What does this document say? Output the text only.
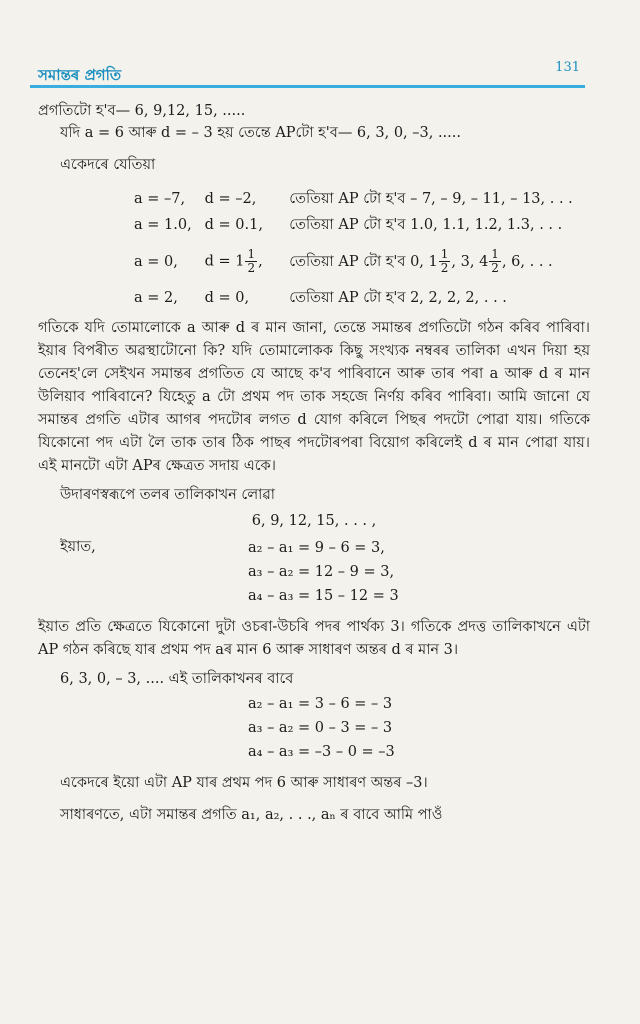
সমান্তৰ প্ৰগতি	131
প্ৰগতিটো হ'ব— 6, 9,12, 15, .....
যদি a = 6 আৰু d = – 3 হয় তেন্তে APটো হ'ব— 6, 3, 0, –3, .....
একেদৰে যেতিয়া
a = –7, d = –2, তেতিয়া AP টো হ'ব – 7, – 9, – 11, – 13, . . .
a = 1.0, d = 0.1, তেতিয়া AP টো হ'ব 1.0, 1.1, 1.2, 1.3, . . .
a = 0, $d = 1 \frac{1}{2}$ , তেতিয়া AP টো হ'ব 0, $1 \frac{1}{2}$ , 3, $4 \frac{1}{2}$ , 6, . . .
a = 2, d = 0,	তেতিয়া AP টো হ'ব 2, 2, 2, 2, . . .
গতিকে যদি তোমালোকে a আৰু d ৰ মান জানা, তেন্তে সমান্তৰ প্ৰগতিটো গঠন কৰিব পাৰিবা। ইয়াৰ বিপৰীত অৱস্থাটোনো কি? যদি তোমালোকক কিছু সংখ্যক নম্বৰৰ তালিকা এখন দিয়া হয় তেনেহ'লে সেইখন সমান্তৰ প্ৰগতিত যে আছে ক'ব পাৰিবানে আৰু তাৰ পৰা a আৰু d ৰ মান উলিয়াব পাৰিবানে? যিহেতু a টো প্ৰথম পদ তাক সহজে নিৰ্ণয় কৰিব পাৰিবা। আমি জানো যে সমান্তৰ প্ৰগতি এটাৰ আগৰ পদটোৰ লগত d যোগ কৰিলে পিছৰ পদটো পোৱা যায়। গতিকে যিকোনো পদ এটা লৈ তাক তাৰ ঠিক পাছৰ পদটোৰপৰা বিয়োগ কৰিলেই d ৰ মান পোৱা যায়। এই মানটো এটা APৰ ক্ষেত্ৰত সদায় একে।
উদাৰণস্বৰূপে তলৰ তালিকাখন লোৱা
6, 9, 12, 15, . . . ,
ইয়াত,	a₂ – a₁ = 9 – 6 = 3,
a₃ – a₂ = 12 – 9 = 3,
a₄ – a₃ = 15 – 12 = 3
ইয়াত প্ৰতি ক্ষেত্ৰতে যিকোনো দুটা ওচৰা-উচৰি পদৰ পাৰ্থক্য 3। গতিকে প্ৰদত্ত তালিকাখনে এটা AP গঠন কৰিছে যাৰ প্ৰথম পদ aৰ মান 6 আৰু সাধাৰণ অন্তৰ d ৰ মান 3।
6, 3, 0, – 3, .... এই তালিকাখনৰ বাবে
a₂ – a₁ = 3 – 6 = – 3
a₃ – a₂ = 0 – 3 = – 3
a₄ – a₃ = –3 – 0 = –3
একেদৰে ইয়ো এটা AP যাৰ প্ৰথম পদ 6 আৰু সাধাৰণ অন্তৰ –3।
সাধাৰণতে, এটা সমান্তৰ প্ৰগতি a₁, a₂, . . ., aₙ ৰ বাবে আমি পাওঁ
